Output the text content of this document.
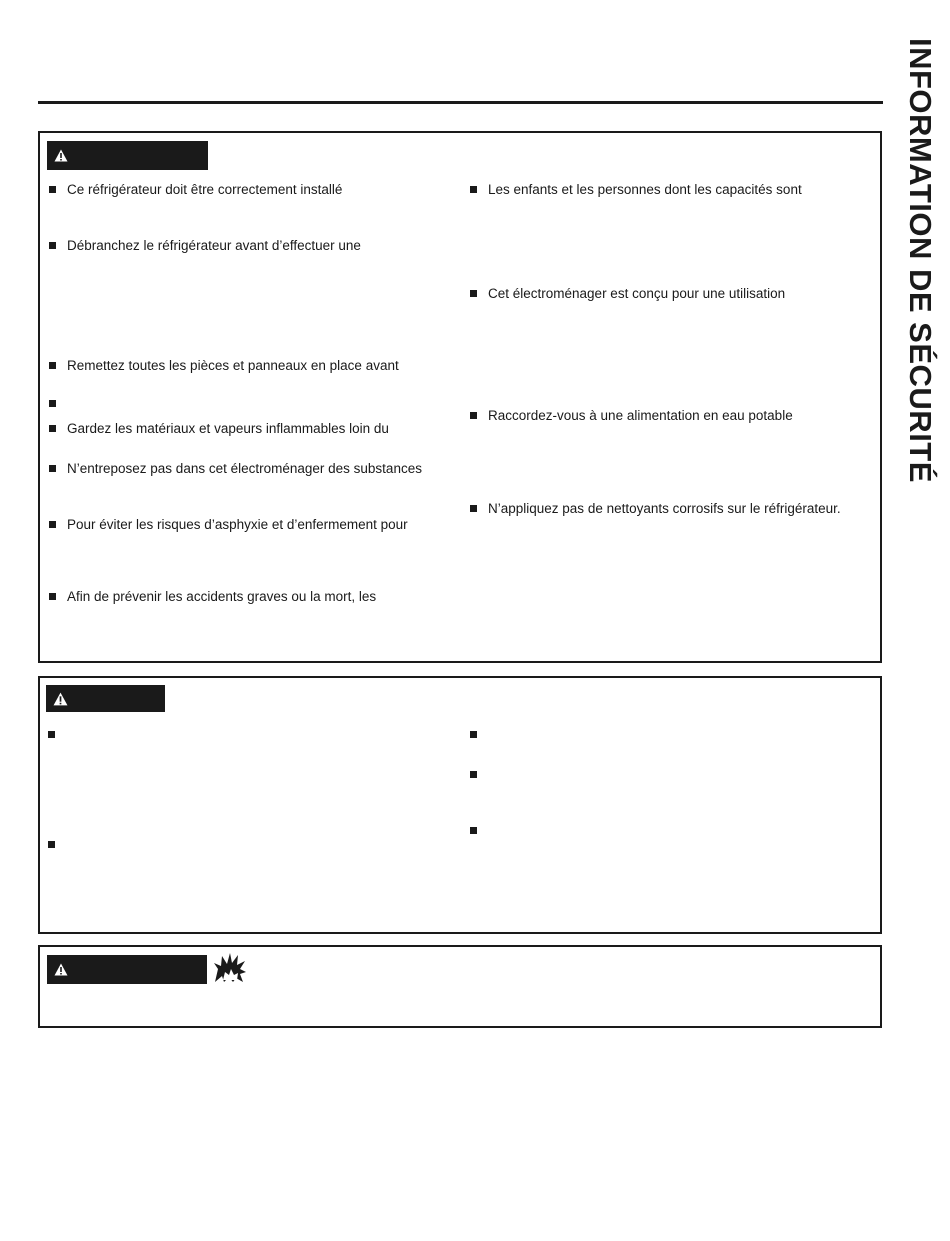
INFORMATION DE SÉCURITÉ
Ce réfrigérateur doit être correctement installé
Débranchez le réfrigérateur avant d’effectuer une
Remettez toutes les pièces et panneaux en place avant
Gardez les matériaux et vapeurs inflammables loin du
N’entreposez pas dans cet électroménager des substances
Pour éviter les risques d’asphyxie et d’enfermement pour
Afin de prévenir les accidents graves ou la mort, les
Les enfants et les personnes dont les capacités sont
Cet électroménager est conçu pour une utilisation
Raccordez-vous à une alimentation en eau potable
N’appliquez pas de nettoyants corrosifs sur le réfrigérateur.
